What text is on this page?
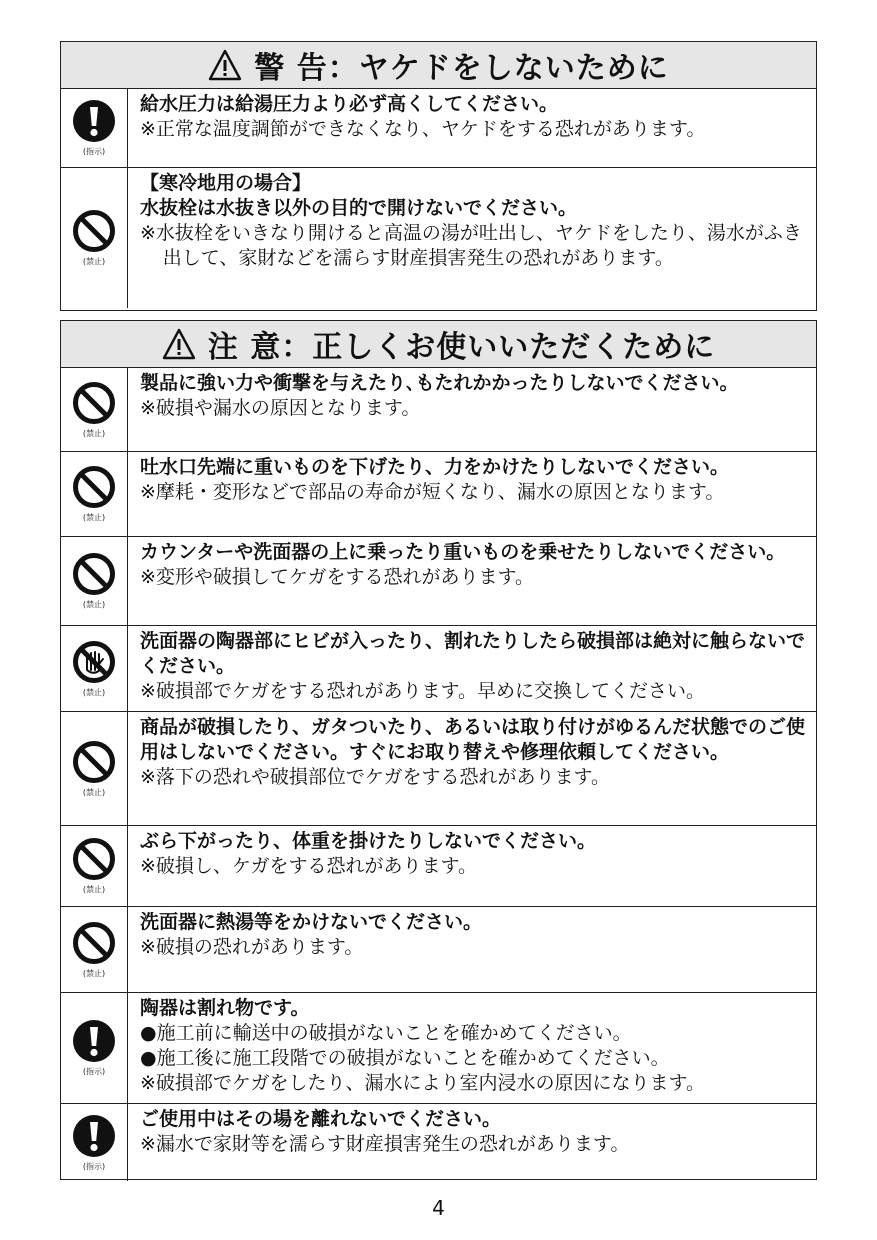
警 告：ヤケドをしないために
(指示)
給水圧力は給湯圧力より必ず高くしてください。
※正常な温度調節ができなくなり、ヤケドをする恐れがあります。
(禁止)
【寒冷地用の場合】
水抜栓は水抜き以外の目的で開けないでください。
※水抜栓をいきなり開けると高温の湯が吐出し、ヤケドをしたり、湯水がふき出して、家財などを濡らす財産損害発生の恐れがあります。
注 意：正しくお使いいただくために
(禁止)
製品に強い力や衝撃を与えたり､もたれかかったりしないでください。
※破損や漏水の原因となります。
(禁止)
吐水口先端に重いものを下げたり、力をかけたりしないでください。
※摩耗・変形などで部品の寿命が短くなり、漏水の原因となります。
(禁止)
カウンターや洗面器の上に乗ったり重いものを乗せたりしないでください。
※変形や破損してケガをする恐れがあります。
(禁止)
洗面器の陶器部にヒビが入ったり、割れたりしたら破損部は絶対に触らないでください。
※破損部でケガをする恐れがあります。早めに交換してください。
(禁止)
商品が破損したり、ガタついたり、あるいは取り付けがゆるんだ状態でのご使用はしないでください。すぐにお取り替えや修理依頼してください。
※落下の恐れや破損部位でケガをする恐れがあります。
(禁止)
ぶら下がったり、体重を掛けたりしないでください。
※破損し、ケガをする恐れがあります。
(禁止)
洗面器に熱湯等をかけないでください。
※破損の恐れがあります。
(指示)
陶器は割れ物です。
●施工前に輸送中の破損がないことを確かめてください。
●施工後に施工段階での破損がないことを確かめてください。
※破損部でケガをしたり、漏水により室内浸水の原因になります。
(指示)
ご使用中はその場を離れないでください。
※漏水で家財等を濡らす財産損害発生の恐れがあります。
4
